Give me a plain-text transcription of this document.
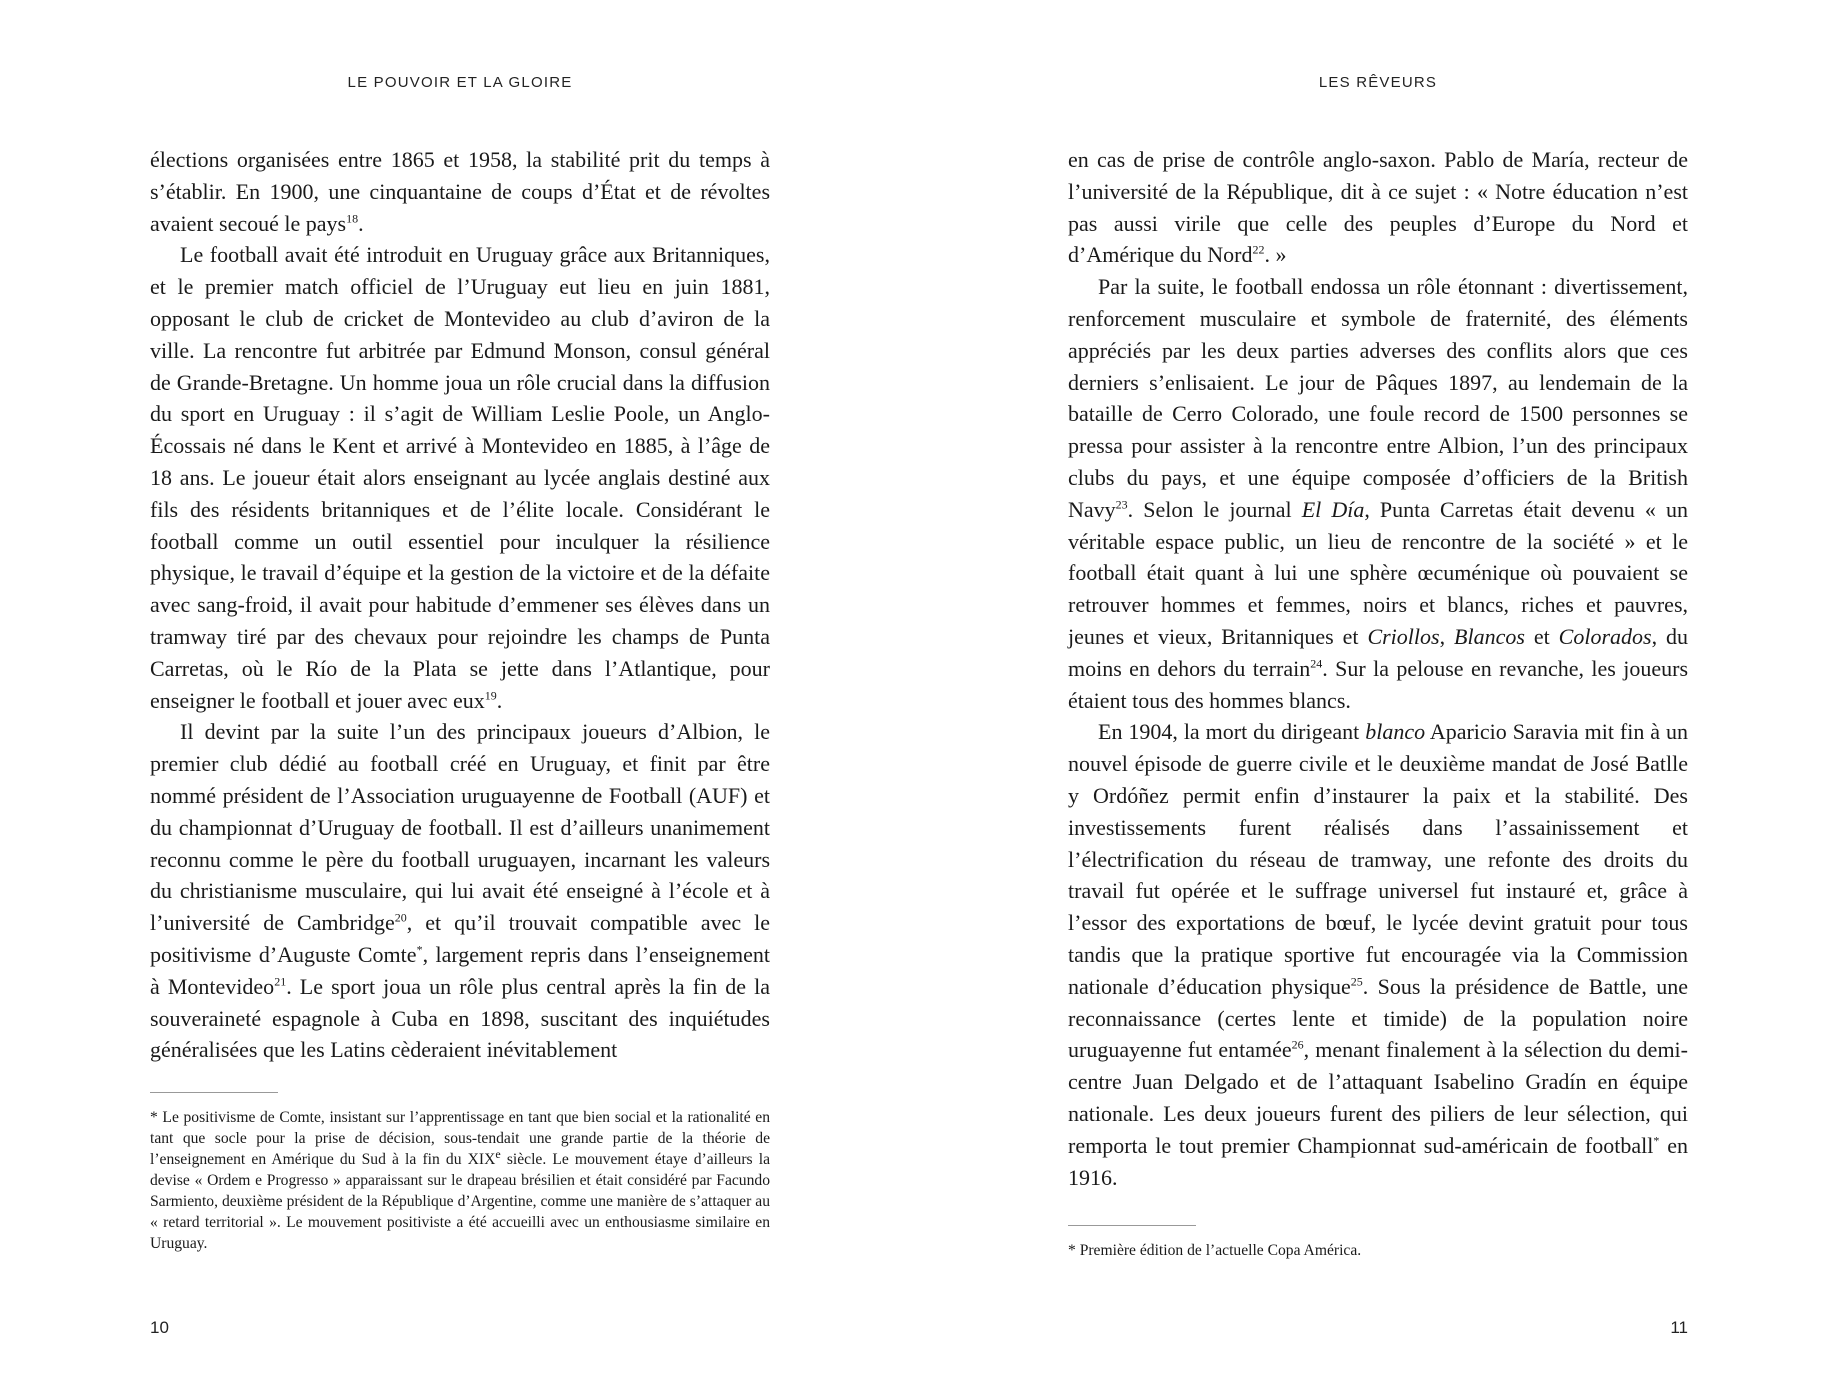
LE POUVOIR ET LA GLOIRE

élections organisées entre 1865 et 1958, la stabilité prit du temps à s’établir. En 1900, une cinquantaine de coups d’État et de révoltes avaient secoué le pays$^{18}$.

Le football avait été introduit en Uruguay grâce aux Britanniques, et le premier match officiel de l’Uruguay eut lieu en juin 1881, opposant le club de cricket de Montevideo au club d’aviron de la ville. La rencontre fut arbitrée par Edmund Monson, consul général de Grande-Bretagne. Un homme joua un rôle crucial dans la diffusion du sport en Uruguay : il s’agit de William Leslie Poole, un Anglo-Écossais né dans le Kent et arrivé à Montevideo en 1885, à l’âge de 18 ans. Le joueur était alors enseignant au lycée anglais destiné aux fils des résidents britanniques et de l’élite locale. Considérant le football comme un outil essentiel pour inculquer la résilience physique, le travail d’équipe et la gestion de la victoire et de la défaite avec sang-froid, il avait pour habitude d’emmener ses élèves dans un tramway tiré par des chevaux pour rejoindre les champs de Punta Carretas, où le Río de la Plata se jette dans l’Atlantique, pour enseigner le football et jouer avec eux$^{19}$.

Il devint par la suite l’un des principaux joueurs d’Albion, le premier club dédié au football créé en Uruguay, et finit par être nommé président de l’Association uruguayenne de Football (AUF) et du championnat d’Uruguay de football. Il est d’ailleurs unanimement reconnu comme le père du football uruguayen, incarnant les valeurs du christianisme musculaire, qui lui avait été enseigné à l’école et à l’université de Cambridge$^{20}$, et qu’il trouvait compatible avec le positivisme d’Auguste Comte*, largement repris dans l’enseignement à Montevideo$^{21}$. Le sport joua un rôle plus central après la fin de la souveraineté espagnole à Cuba en 1898, suscitant des inquiétudes généralisées que les Latins cèderaient inévitablement

* Le positivisme de Comte, insistant sur l’apprentissage en tant que bien social et la rationalité en tant que socle pour la prise de décision, sous-tendait une grande partie de la théorie de l’enseignement en Amérique du Sud à la fin du XIXe siècle. Le mouvement étaye d’ailleurs la devise « Ordem e Progresso » apparaissant sur le drapeau brésilien et était considéré par Facundo Sarmiento, deuxième président de la République d’Argentine, comme une manière de s’attaquer au « retard territorial ». Le mouvement positiviste a été accueilli avec un enthousiasme similaire en Uruguay.

10
LES RÊVEURS

en cas de prise de contrôle anglo-saxon. Pablo de María, recteur de l’université de la République, dit à ce sujet : « Notre éducation n’est pas aussi virile que celle des peuples d’Europe du Nord et d’Amérique du Nord$^{22}$. »

Par la suite, le football endossa un rôle étonnant : divertissement, renforcement musculaire et symbole de fraternité, des éléments appréciés par les deux parties adverses des conflits alors que ces derniers s’enlisaient. Le jour de Pâques 1897, au lendemain de la bataille de Cerro Colorado, une foule record de 1500 personnes se pressa pour assister à la rencontre entre Albion, l’un des principaux clubs du pays, et une équipe composée d’officiers de la British Navy$^{23}$. Selon le journal El Día, Punta Carretas était devenu « un véritable espace public, un lieu de rencontre de la société » et le football était quant à lui une sphère œcuménique où pouvaient se retrouver hommes et femmes, noirs et blancs, riches et pauvres, jeunes et vieux, Britanniques et Criollos, Blancos et Colorados, du moins en dehors du terrain$^{24}$. Sur la pelouse en revanche, les joueurs étaient tous des hommes blancs.

En 1904, la mort du dirigeant blanco Aparicio Saravia mit fin à un nouvel épisode de guerre civile et le deuxième mandat de José Batlle y Ordóñez permit enfin d’instaurer la paix et la stabilité. Des investissements furent réalisés dans l’assainissement et l’électrification du réseau de tramway, une refonte des droits du travail fut opérée et le suffrage universel fut instauré et, grâce à l’essor des exportations de bœuf, le lycée devint gratuit pour tous tandis que la pratique sportive fut encouragée via la Commission nationale d’éducation physique$^{25}$. Sous la présidence de Battle, une reconnaissance (certes lente et timide) de la population noire uruguayenne fut entamée$^{26}$, menant finalement à la sélection du demi-centre Juan Delgado et de l’attaquant Isabelino Gradín en équipe nationale. Les deux joueurs furent des piliers de leur sélection, qui remporta le tout premier Championnat sud-américain de football* en 1916.

* Première édition de l’actuelle Copa América.

11
